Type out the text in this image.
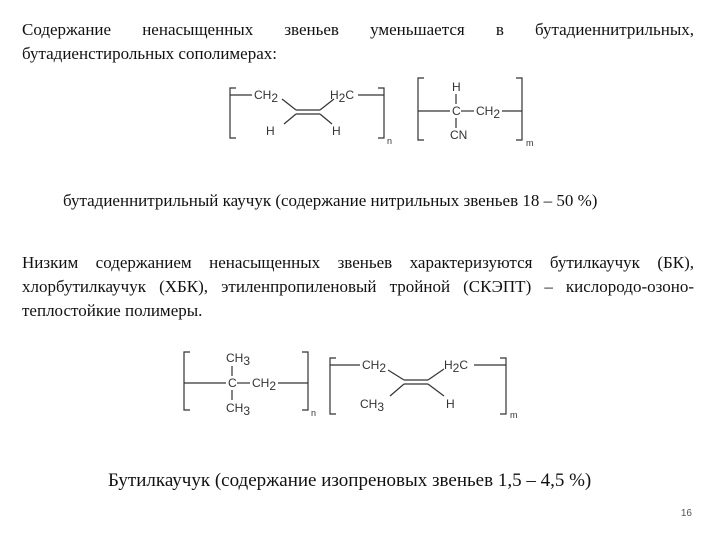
Содержание ненасыщенных звеньев уменьшается в бутадиеннитрильных, бутадиенстирольных сополимерах:

CH2
H	H
H2C
n
H
C CH2
CN
m
бутадиеннитрильный каучук (содержание нитрильных звеньев 18 – 50 %)

Низким содержанием ненасыщенных звеньев характеризуются бутилкаучук (БК), хлорбутилкаучук (ХБК), этиленпропиленовый тройной (СКЭПТ) – кислородо-озоно-теплостойкие полимеры.

CH3
C CH2
CH3	n
CH2
CH3	H
H2C
m
Бутилкаучук (содержание изопреновых звеньев 1,5 – 4,5 %)
16
